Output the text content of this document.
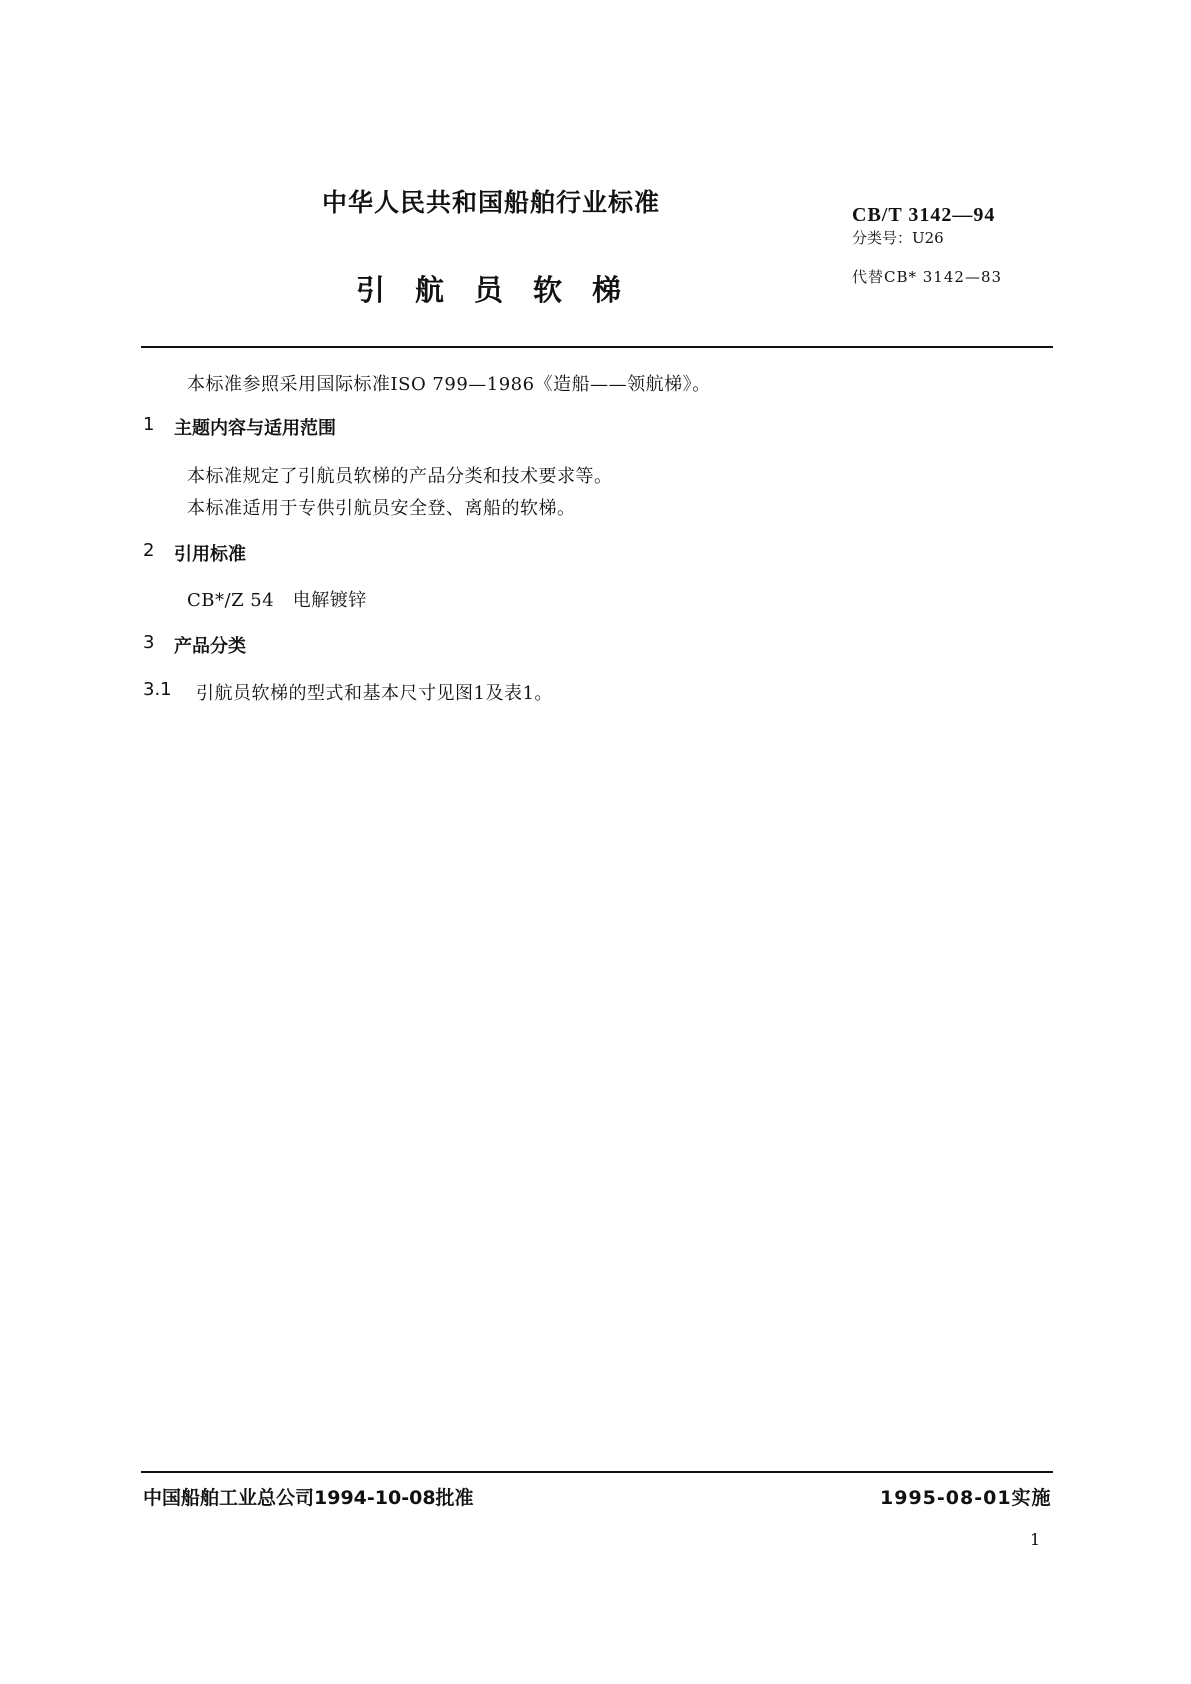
中华人民共和国船舶行业标准
引航员软梯
CB/T 3142—94
分类号：U26
代替CB* 3142—83
本标准参照采用国际标准ISO 799—1986《造船——领航梯》。
1 主题内容与适用范围
本标准规定了引航员软梯的产品分类和技术要求等。
本标准适用于专供引航员安全登、离船的软梯。
2 引用标准
CB*/Z 54　电解镀锌
3 产品分类
3.1 引航员软梯的型式和基本尺寸见图1及表1。
中国船舶工业总公司1994-10-08批准	1995-08-01实施
1
